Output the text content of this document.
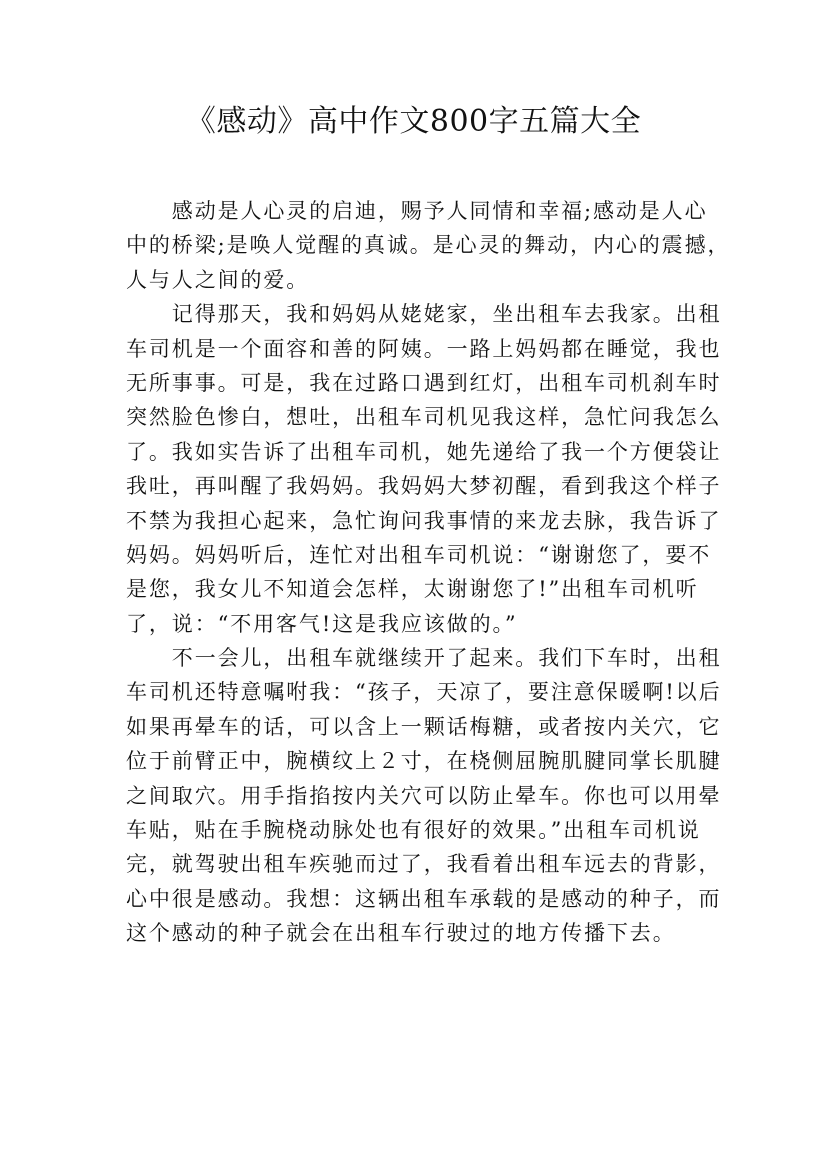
《感动》高中作文800字五篇大全
　　感动是人心灵的启迪，赐予人同情和幸福;感动是人心
中的桥梁;是唤人觉醒的真诚。是心灵的舞动，内心的震撼，
人与人之间的爱。
　　记得那天，我和妈妈从姥姥家，坐出租车去我家。出租
车司机是一个面容和善的阿姨。一路上妈妈都在睡觉，我也
无所事事。可是，我在过路口遇到红灯，出租车司机刹车时
突然脸色惨白，想吐，出租车司机见我这样，急忙问我怎么
了。我如实告诉了出租车司机，她先递给了我一个方便袋让
我吐，再叫醒了我妈妈。我妈妈大梦初醒，看到我这个样子
不禁为我担心起来，急忙询问我事情的来龙去脉，我告诉了
妈妈。妈妈听后，连忙对出租车司机说：“谢谢您了，要不
是您，我女儿不知道会怎样，太谢谢您了!”出租车司机听
了，说：“不用客气!这是我应该做的。”
　　不一会儿，出租车就继续开了起来。我们下车时，出租
车司机还特意嘱咐我：“孩子，天凉了，要注意保暖啊!以后
如果再晕车的话，可以含上一颗话梅糖，或者按内关穴，它
位于前臂正中，腕横纹上２寸，在桡侧屈腕肌腱同掌长肌腱
之间取穴。用手指掐按内关穴可以防止晕车。你也可以用晕
车贴，贴在手腕桡动脉处也有很好的效果。”出租车司机说
完，就驾驶出租车疾驰而过了，我看着出租车远去的背影，
心中很是感动。我想：这辆出租车承载的是感动的种子，而
这个感动的种子就会在出租车行驶过的地方传播下去。
